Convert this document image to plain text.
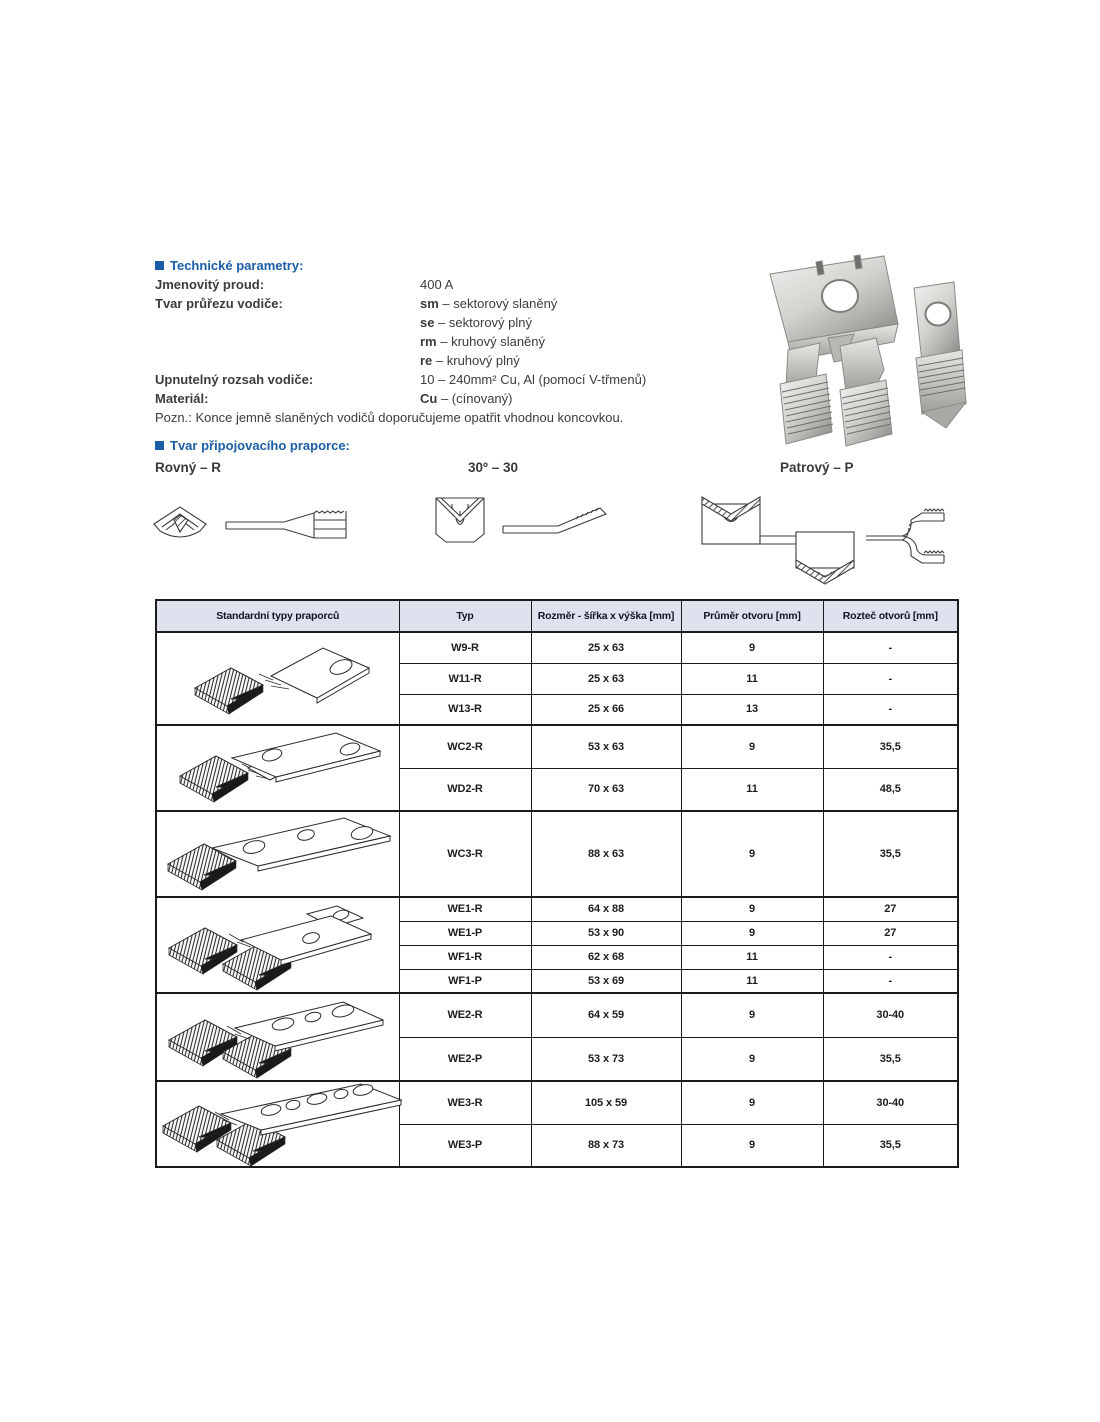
Technické parametry:
Jmenovitý proud:	400 A
Tvar průřezu vodiče:	sm – sektorový slaněný
se – sektorový plný
rm – kruhový slaněný
re – kruhový plný
Upnutelný rozsah vodiče:	10 – 240mm² Cu, Al (pomocí V-třmenů)
Materiál:	Cu – (cínovaný)

Pozn.: Konce jemně slaněných vodičů doporučujeme opatřit vhodnou koncovkou.

Tvar připojovacího praporce:
Rovný – R	30º – 30	Patrový – P
Standardní typy praporců	Typ	Rozměr - šířka x výška [mm]	Průměr otvoru [mm]	Rozteč otvorů [mm]

	W9-R	25 x 63	9	-
	W11-R	25 x 63	11	-
	W13-R	25 x 66	13	-

	WC2-R	53 x 63	9	35,5
	WD2-R	70 x 63	11	48,5

	WC3-R	88 x 63	9	35,5

	WE1-R	64 x 88	9	27
	WE1-P	53 x 90	9	27
	WF1-R	62 x 68	11	-
	WF1-P	53 x 69	11	-

	WE2-R	64 x 59	9	30-40
	WE2-P	53 x 73	9	35,5

	WE3-R	105 x 59	9	30-40
	WE3-P	88 x 73	9	35,5
